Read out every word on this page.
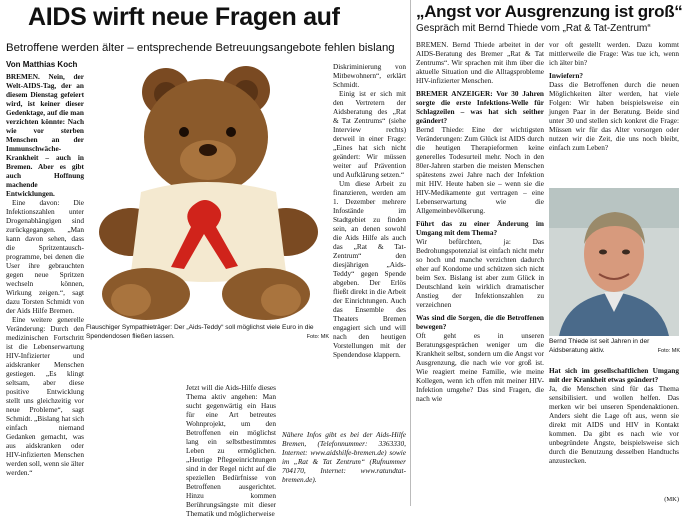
AIDS wirft neue Fragen auf
Betroffene werden älter – entsprechende Betreuungsangebote fehlen bislang
Von Matthias Koch

BREMEN. Nein, der Welt-AIDS-Tag, der an diesem Dienstag gefeiert wird, ist keiner dieser Gedenktage, auf die man verzichten könnte: Nach wie vor sterben Menschen an der Immunschwäche-Krankheit – auch in Bremen. Aber es gibt auch Hoffnung machende Entwicklungen.

Eine davon: Die Infektionszahlen unter Drogenabhängigen sind zurückgegangen. „Man kann davon sehen, dass die Spritzentausch-programme, bei denen die User ihre gebrauchten gegen neue Spritzen wechseln können, Wirkung zeigen.“, sagt dazu Torsten Schmidt von der Aids Hilfe Bremen.

Eine weitere generelle Veränderung: Durch den medizinischen Fortschritt ist die Lebenserwartung HIV-Infizierter und aidskranker Menschen gestiegen. „Es klingt seltsam, aber diese positive Entwicklung stellt uns gleichzeitig vor neue Probleme“, sagt Schmidt. „Bislang hat sich einfach niemand Gedanken gemacht, was aus aidskranken oder HIV-infizierten Menschen werden soll, wenn sie älter werden.“

Flauschiger Sympathieträger: Der „Aids-Teddy“ soll möglichst viele Euro in die Spendendosen fließen lassen.	Foto: MK

Diskriminierung von Mitbewohnern“, erklärt Schmidt.

Einig ist er sich mit den Vertretern der Aidsberatung des „Rat & Tat Zentrums“ (siehe Interview rechts) derweil in einer Frage: „Eines hat sich nicht geändert: Wir müssen weiter auf Prävention und Aufklärung setzen.“

Um diese Arbeit zu finanzieren, werden am 1. Dezember mehrere Infostände im Stadtgebiet zu finden sein, an denen sowohl die Aids Hilfe als auch das „Rat & Tat-Zentrum“ den diesjährigen „Aids-Teddy“ gegen Spende abgeben. Der Erlös fließt direkt in die Arbeit der Einrichtungen. Auch das Ensemble des Theaters Bremen engagiert sich und will nach den heutigen Vorstellungen mit der Spendendose klappern.

Jetzt will die Aids-Hilfe dieses Thema aktiv angehen: Man sucht gegenwärtig ein Haus für eine Art betreutes Wohnprojekt, um den Betroffenen ein möglichst lang ein selbstbestimmtes Leben zu ermöglichen. „Heutige Pflegeeinrichtungen sind in der Regel nicht auf die speziellen Bedürfnisse von Betroffenen ausgerichtet. Hinzu kommen Berührungsängste mit dieser Thematik und möglicherweise

Nähere Infos gibt es bei der Aids-Hilfe Bremen, (Telefonnummer: 3363330, Internet: www.aidshilfe-bremen.de) sowie im „Rat & Tat Zentrum“ (Rufnummer 704170, Internet: www.ratundtat-bremen.de).

„Angst vor Ausgrenzung ist groß“
Gespräch mit Bernd Thiede vom „Rat & Tat-Zentrum“

BREMEN. Bernd Thiede arbeitet in der AIDS-Beratung des Bremer „Rat & Tat Zentrums“. Wir sprachen mit ihm über die aktuelle Situation und die Alltagsprobleme HIV-infizierter Menschen.

BREMER ANZEIGER: Vor 30 Jahren sorgte die erste Infektions-Welle für Schlagzeilen – was hat sich seither geändert?

Bernd Thiede: Eine der wichtigsten Veränderungen: Zum Glück ist AIDS durch die heutigen Therapieformen keine generelles Todesurteil mehr. Noch in den 80er-Jahren starben die meisten Menschen spätestens zwei Jahre nach der Infektion mit HIV. Heute haben sie – wenn sie die HIV-Medikamente gut vertragen – eine Lebenserwartung wie die Allgemeinbevölkerung.

Führt das zu einer Änderung im Umgang mit dem Thema?

Wir befürchten, ja: Das Bedrohungspotenzial ist einfach nicht mehr so hoch und manche verzichten dadurch eher auf Kondome und schützen sich nicht beim Sex. Bislang ist aber zum Glück in Deutschland kein wirklich dramatischer Anstieg der Infektionszahlen zu verzeichnen

Was sind die Sorgen, die die Betroffenen bewegen?

Oft geht es in unseren Beratungsgesprächen weniger um die Krankheit selbst, sondern um die Angst vor Ausgrenzung, die nach wie vor groß ist. Wie reagiert meine Familie, wie meine Kollegen, wenn ich offen mit meiner HIV-Infektion umgehe? Das sind Fragen, die nach wie

vor oft gestellt werden. Dazu kommt mittlerweile die Frage: Was tue ich, wenn ich älter bin?

Inwiefern?

Dass die Betroffenen durch die neuen Möglichkeiten älter werden, hat viele Folgen: Wir haben beispielsweise ein jungen Paar in der Beratung. Beide sind unter 30 und stellen sich konkret die Frage: Müssen wir für das Alter vorsorgen oder nutzen wir die Zeit, die uns noch bleibt, einfach zum Leben?

Bernd Thiede ist seit Jahren in der Aidsberatung aktiv.	Foto: MK
Hat sich im gesellschaftlichen Umgang mit der Krankheit etwas geändert?

Ja, die Menschen sind für das Thema sensibilisiert. und wollen helfen. Das merken wir bei unseren Spendenaktionen. Anders sieht die Lage oft aus, wenn sie direkt mit AIDS und HIV in Kontakt kommen. Da gibt es nach wie vor unbegründete Ängste, beispielsweise sich durch die Benutzung desselben Handtuchs anzustecken.

(MK)
